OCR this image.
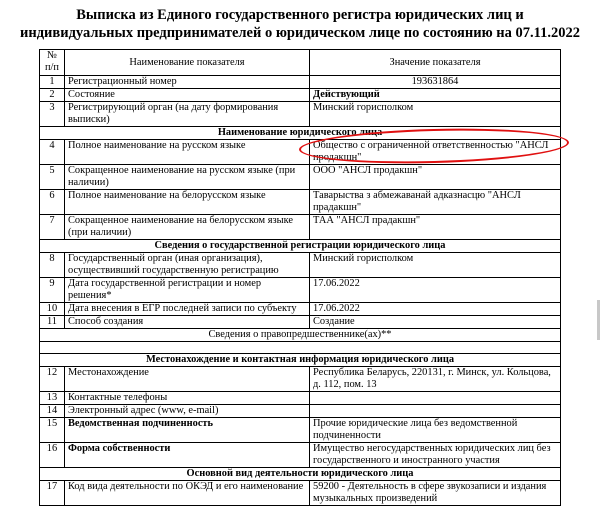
Выписка из Единого государственного регистра юридических лиц и
индивидуальных предпринимателей о юридическом лице по состоянию на 07.11.2022
№
п/п	Наименование показателя	Значение показателя
1	Регистрационный номер	193631864
2	Состояние	Действующий
3	Регистрирующий орган (на дату формирования выписки)	Минский горисполком
Наименование юридического лица		
4	Полное наименование на русском языке	Общество с ограниченной ответственностью "АНСЛ продакшн"
5	Сокращенное наименование на русском языке (при наличии)	ООО "АНСЛ продакшн"
6	Полное наименование на белорусском языке	Таварыства з абмежаванай адказнасцю "АНСЛ прадакшн"
7	Сокращенное наименование на белорусском языке (при наличии)	ТАА "АНСЛ прадакшн"
Сведения о государственной регистрации юридического лица		
8	Государственный орган (иная организация), осуществивший государственную регистрацию	Минский горисполком
9	Дата государственной регистрации и номер решения*	17.06.2022
10	Дата внесения в ЕГР последней записи по субъекту	17.06.2022
11	Способ создания	Создание
Сведения о правопредшественнике(ах)**		

Местонахождение и контактная информация юридического лица		
12	Местонахождение	Республика Беларусь, 220131, г. Минск, ул. Кольцова, д. 112, пом. 13
13	Контактные телефоны	
14	Электронный адрес (www, e-mail)	
15	Ведомственная подчиненность	Прочие юридические лица без ведомственной подчиненности
16	Форма собственности	Имущество негосударственных юридических лиц без государственного и иностранного участия
Основной вид деятельности юридического лица		
17	Код вида деятельности по ОКЭД и его наименование	59200 - Деятельность в сфере звукозаписи и издания музыкальных произведений
